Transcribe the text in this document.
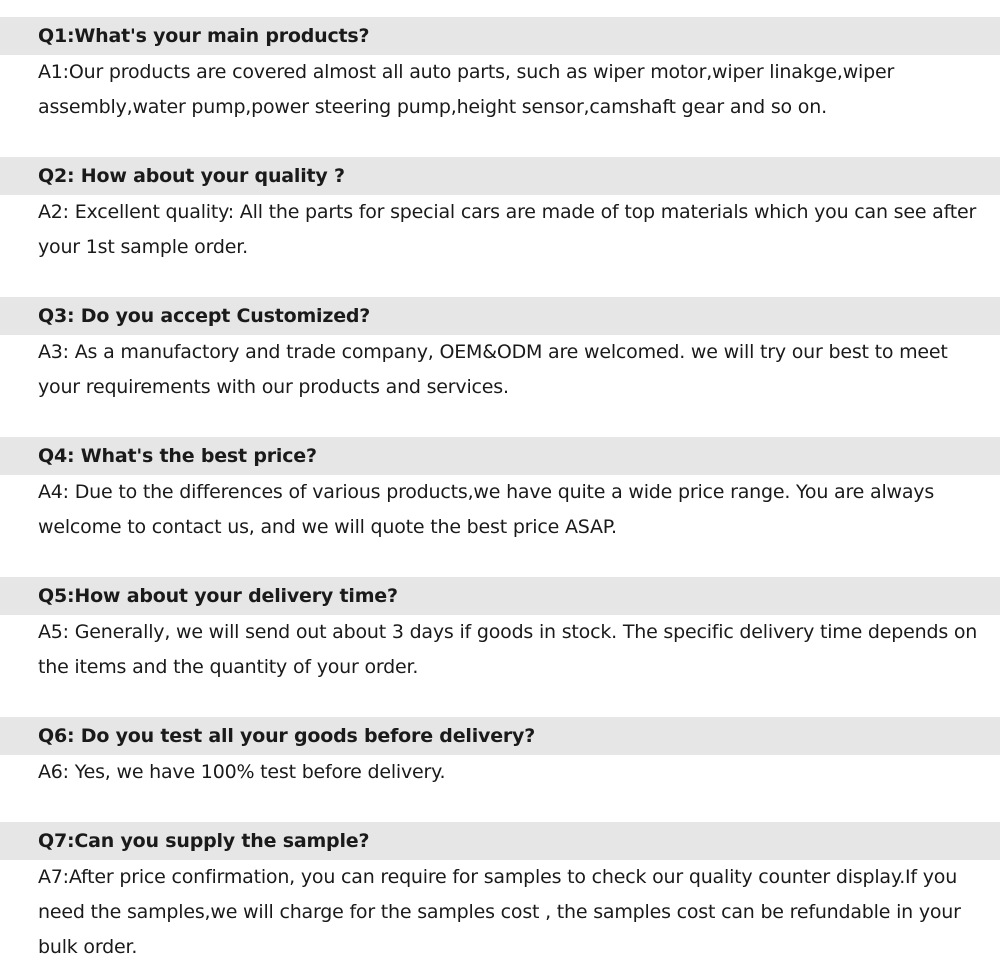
Q1:What's your main products?

A1:Our products are covered almost all auto parts, such as wiper motor,wiper linakge,wiper assembly,water pump,power steering pump,height sensor,camshaft gear and so on.

Q2: How about your quality ?

A2: Excellent quality: All the parts for special cars are made of top materials which you can see after your 1st sample order.

Q3: Do you accept Customized?

A3: As a manufactory and trade company, OEM&ODM are welcomed. we will try our best to meet your requirements with our products and services.

Q4: What's the best price?

A4: Due to the differences of various products,we have quite a wide price range. You are always welcome to contact us, and we will quote the best price ASAP.

Q5:How about your delivery time?

A5: Generally, we will send out about 3 days if goods in stock. The specific delivery time depends on the items and the quantity of your order.

Q6: Do you test all your goods before delivery?

A6: Yes, we have 100% test before delivery.

Q7:Can you supply the sample?

A7:After price confirmation, you can require for samples to check our quality counter display.If you need the samples,we will charge for the samples cost , the samples cost can be refundable in your bulk order.
